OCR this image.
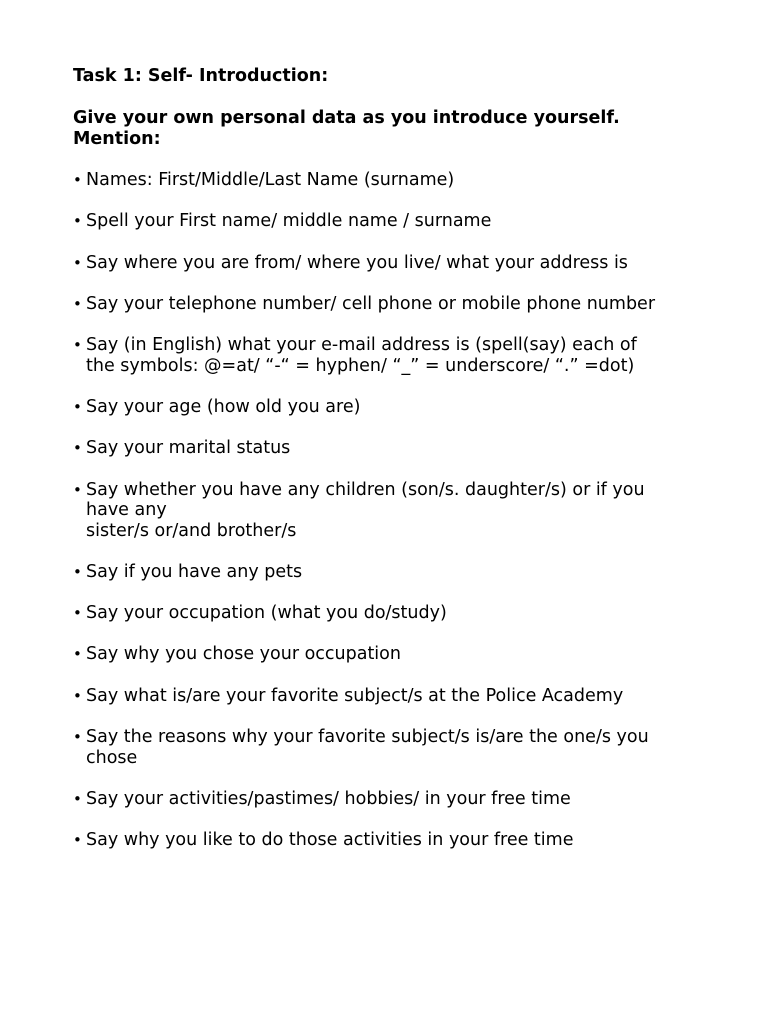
Task 1: Self- Introduction:

Give your own personal data as you introduce yourself.
Mention:

• Names: First/Middle/Last Name (surname)
• Spell your First name/ middle name / surname
• Say where you are from/ where you live/ what your address is
• Say your telephone number/ cell phone or mobile phone number
• Say (in English) what your e-mail address is (spell(say) each of
the symbols: @=at/ “-“ = hyphen/ “_” = underscore/ “.” =dot)
• Say your age (how old you are)
• Say your marital status
• Say whether you have any children (son/s. daughter/s) or if you
have any
sister/s or/and brother/s
• Say if you have any pets
• Say your occupation (what you do/study)
• Say why you chose your occupation
• Say what is/are your favorite subject/s at the Police Academy
• Say the reasons why your favorite subject/s is/are the one/s you
chose
• Say your activities/pastimes/ hobbies/ in your free time
• Say why you like to do those activities in your free time
